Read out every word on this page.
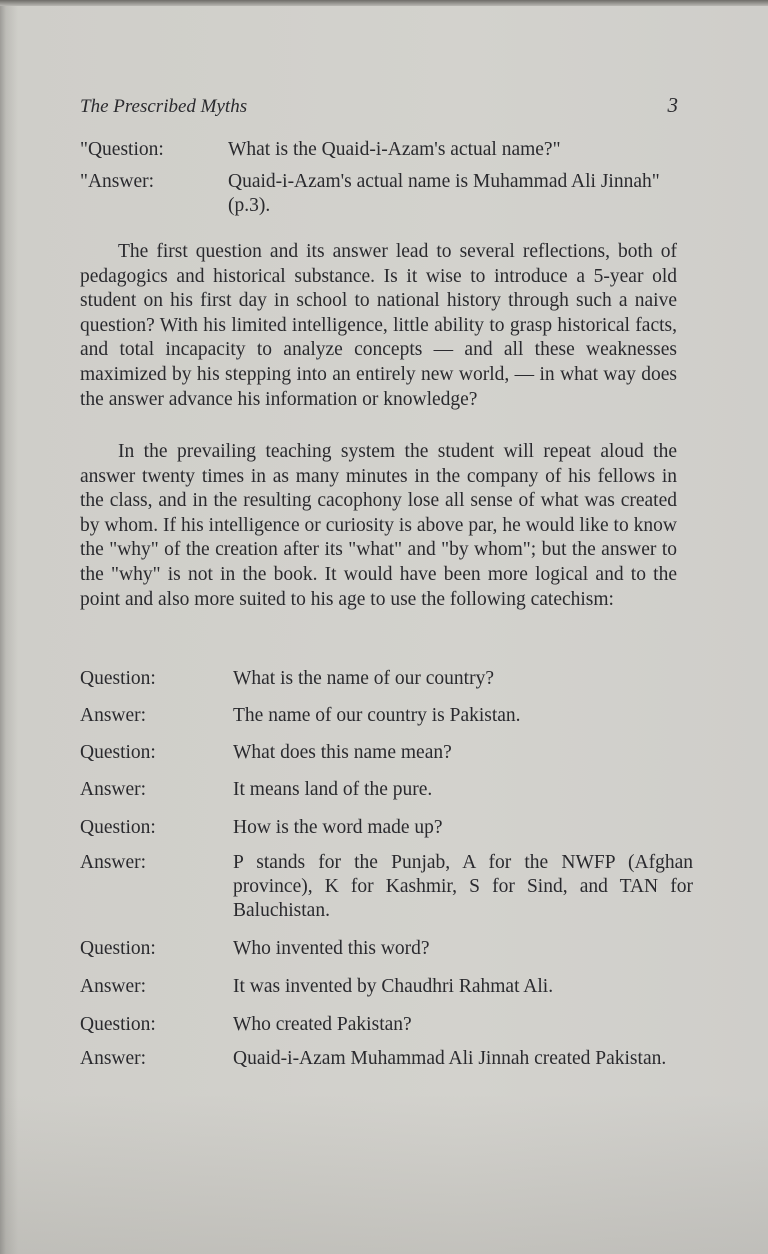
The Prescribed Myths	3
"Question:	What is the Quaid-i-Azam's actual name?"
"Answer:	Quaid-i-Azam's actual name is Muhammad Ali Jinnah"(p.3).

The first question and its answer lead to several reflections, both of pedagogics and historical substance. Is it wise to introduce a 5-year old student on his first day in school to national history through such a naive question? With his limited intelligence, little ability to grasp historical facts, and total incapacity to analyze concepts — and all these weaknesses maximized by his stepping into an entirely new world, — in what way does the answer advance his information or knowledge?

In the prevailing teaching system the student will repeat aloud the answer twenty times in as many minutes in the company of his fellows in the class, and in the resulting cacophony lose all sense of what was created by whom. If his intelligence or curiosity is above par, he would like to know the "why" of the creation after its "what" and "by whom"; but the answer to the "why" is not in the book. It would have been more logical and to the point and also more suited to his age to use the following catechism:

Question:	What is the name of our country?
Answer:	The name of our country is Pakistan.
Question:	What does this name mean?
Answer:	It means land of the pure.
Question:	How is the word made up?
Answer:	P stands for the Punjab, A for the NWFP (Afghan province), K for Kashmir, S for Sind, and TAN for Baluchistan.
Question:	Who invented this word?
Answer:	It was invented by Chaudhri Rahmat Ali.
Question:	Who created Pakistan?
Answer:	Quaid-i-Azam Muhammad Ali Jinnah created Pakistan.
